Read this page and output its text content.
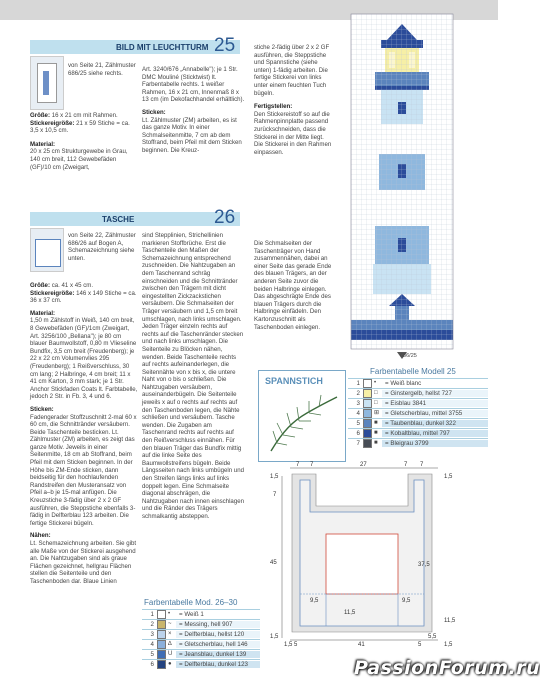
BILD MIT LEUCHTTURM 25
von Seite 21, Zählmuster 686/25 siehe rechts.
Größe: 16 x 21 cm mit Rahmen.
Stickereigröße: 21 x 59 Stiche = ca. 3,5 x 10,5 cm.
Material:
20 x 25 cm Strukturgewebe in Grau, 140 cm breit, 112 Gewebefäden (GF)/10 cm (Zweigart,
Art. 3240/676 „Annabelle"); je 1 Str. DMC Mouliné (Sticktwist) lt. Farbentabelle rechts. 1 weißer Rahmen, 16 x 21 cm, Innenmaß 8 x 13 cm (im Dekofachhandel erhältlich).
Sticken:
Lt. Zählmuster (ZM) arbeiten, es ist das ganze Motiv. In einer Schmalseitenmitte, 7 cm ab dem Stoffrand, beim Pfeil mit dem Sticken beginnen. Die Kreuz-
stiche 2-fädig über 2 x 2 GF ausführen, die Steppstiche und Spannstiche (siehe unten) 1-fädig arbeiten. Die fertige Stickerei von links unter einem feuchten Tuch bügeln.
Fertigstellen:
Den Stickereistoff so auf die Rahmenpinnplatte passend zurückschneiden, dass die Stickerei in der Mitte liegt. Die Stickerei in den Rahmen einpassen.
TASCHE	26
von Seite 22, Zählmuster 686/26 auf Bogen A, Schemazeichnung siehe unten.
Größe: ca. 41 x 45 cm.
Stickereigröße: 146 x 149 Stiche = ca. 36 x 37 cm.
Material:
1,50 m Zählstoff in Weiß, 140 cm breit, 8 Gewebefäden (GF)/1cm (Zweigart, Art. 3256/100 „Bellana"); je 80 cm blauer Baumwollstoff, 0,80 m Vlieseline Bundfix, 3,5 cm breit (Freudenberg); je 22 x 22 cm Volumenvlies 295 (Freudenberg); 1 Reißverschluss, 30 cm lang; 2 Halbringe, 4 cm breit; 11 x 41 cm Karton, 3 mm stark; je 1 Str. Anchor Stickfaden Coats lt. Farbtabelle, jedoch 2 Str. in Fb. 3, 4 und 6.
Sticken:
Fadengerader Stoffzuschnitt 2-mal 60 x 60 cm, die Schnittränder versäubern. Beide Taschenteile besticken. Lt. Zählmuster (ZM) arbeiten, es zeigt das ganze Motiv. Jeweils in einer Seitenmitte, 18 cm ab Stoffrand, beim Pfeil mit dem Sticken beginnen. In der Höhe bis ZM-Ende sticken, dann beidseitig für den hochlaufenden Randstreifen den Musteransatz von Pfeil a–b je 15-mal anfügen. Die Kreuzstiche 3-fädig über 2 x 2 GF ausführen, die Steppstiche ebenfalls 3-fädig in Delfterblau 123 arbeiten. Die fertige Stickerei bügeln.
Nähen:
Lt. Schemazeichnung arbeiten. Sie gibt alle Maße von der Stickerei ausgehend an. Die Nahtzugaben sind als graue Flächen gezeichnet, hellgrau Flächen stellen die Seitenteile und den Taschenboden dar. Blaue Linien
sind Stepplinien, Strichellinien markieren Stoffbrüche. Erst die Taschenteile den Maßen der Schemazeichnung entsprechend zuschneiden. Die Nahtzugaben an dem Taschenrand schräg einschneiden und die Schnittränder zwischen den Trägern mit dicht eingestellten Zickzackstichen versäubern. Die Schmalseiten der Träger versäubern und 1,5 cm breit umschlagen, nach links umschlagen. Jeden Träger einzeln rechts auf rechts auf die Taschenränder stecken und nach links umschlagen. Die Seitenteile zu Blöcken nähen, wenden. Beide Taschenteile rechts auf rechts aufeinanderlegen, die Seitennähte von x bis x, die untere Naht von o bis o schließen. Die Nahtzugaben versäubern, auseinanderbügeln. Die Seitenteile jeweils x auf o rechts auf rechts auf den Taschenboden legen, die Nähte schließen und versäubern. Tasche wenden. Die Zugaben am Taschenrand rechts auf rechts auf den Reißverschluss einnähen. Für den blauen Träger das Bundfix mittig auf die linke Seite des Baumwollstreifens bügeln. Beide Längsseiten nach links umbügeln und den Streifen längs links auf links doppelt legen. Eine Schmalseite diagonal abschrägen, die Nahtzugaben nach innen einschlagen und die Ränder des Trägers schmalkantig absteppen.
Die Schmalseiten der Taschenträger von Hand zusammennähen, dabei an einer Seite das gerade Ende des blauen Trägers, an der anderen Seite zuvor die beiden Halbringe einlegen. Das abgeschrägte Ende des blauen Trägers durch die Halbringe einfädeln. Den Kartonzuschnitt als Taschenboden einlegen.
686/25
SPANNSTICH
Farbentabelle Modell 25
1 •	= Weiß blanc
2 □	= Ginstergelb, hellst 727
3 □	= Eisblau 3841
4 ⊞ = Gletscherblau, mittel 3755
5 ■	= Taubenblau, dunkel 322
6 ■	= Kobaltblau, mittel 797
7 ■	= Bleigrau 3799
7 7	27	7 7
1,5
7
45
1,5
37,5
9,5	9,5
11,5
5
1,5	41	5
5,5
1,5
11,5
1,5
Farbentabelle Mod. 26–30
1 •	= Weiß 1
2 ~	= Messing, hell 907
3 ×	= Delfterblau, hellst 120
4 ∆	= Gletscherblau, hell 146
5 U	= Jeansblau, dunkel 139
6 ●	= Delfterblau, dunkel 123	PassionForum.ru
